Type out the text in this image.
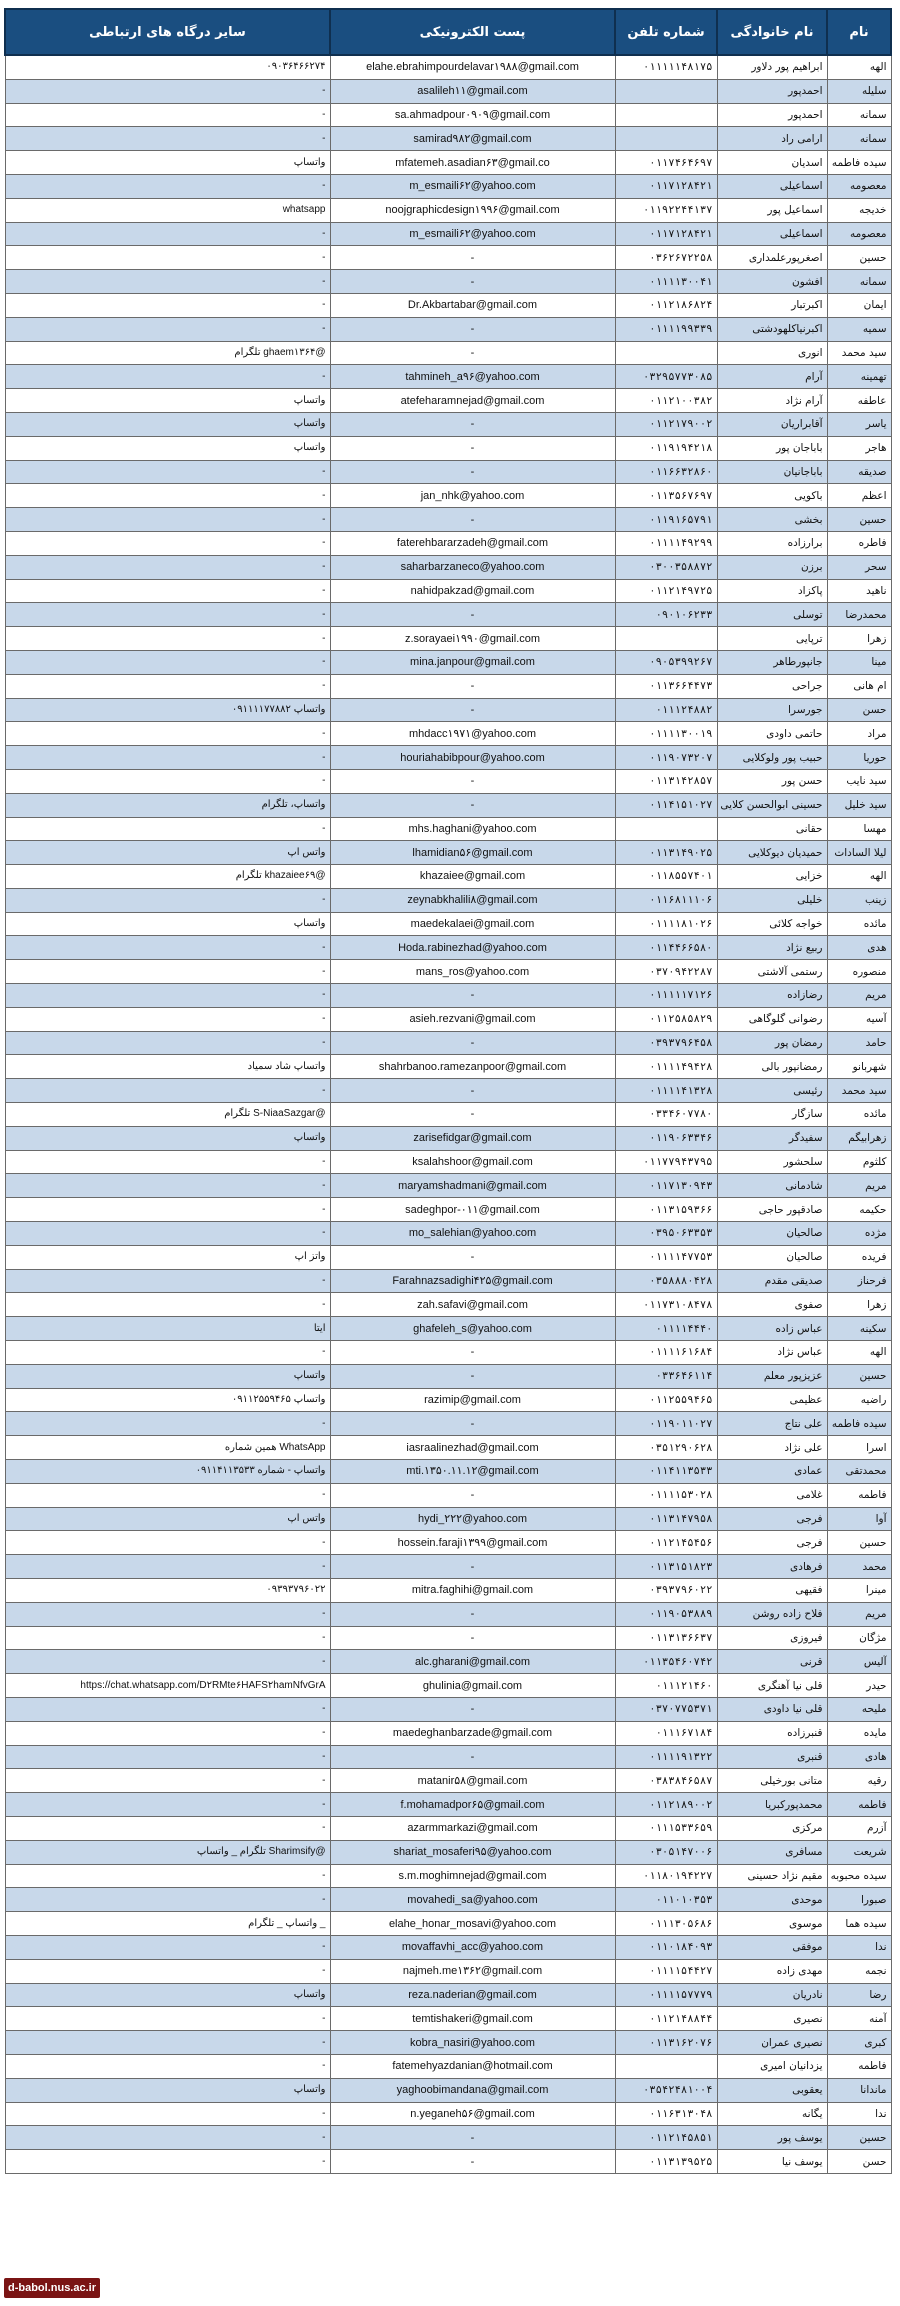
نام	نام خانوادگی	شماره تلفن	پست الکترونیکی	سایر درگاه های ارتباطی
الهه	ابراهیم پور دلاور	۰۱۱۱۱۱۴۸۱۷۵	elahe.ebrahimpourdelavar۱۹۸۸@gmail.com	۰۹۰۳۶۴۶۶۲۷۴
سلیله	احمدپور		asalileh۱۱@gmail.com	-
سمانه	احمدپور		sa.ahmadpour۰۹۰۹@gmail.com	-
سمانه	ارامی راد		samirad۹۸۲@gmail.com	-
سیده فاطمه	اسدیان	۰۱۱۷۴۶۴۶۹۷	mfatemeh.asadian۶۳@gmail.co	واتساپ
معصومه	اسماعیلی	۰۱۱۷۱۲۸۴۲۱	m_esmaili۶۲@yahoo.com	-
خدیجه	اسماعیل پور	۰۱۱۹۲۲۴۴۱۳۷	noojgraphicdesign۱۹۹۶@gmail.com	whatsapp
معصومه	اسماعیلی	۰۱۱۷۱۲۸۴۲۱	m_esmaili۶۲@yahoo.com	-
حسین	اصغرپورعلمداری	۰۳۶۲۶۷۲۲۵۸	-	-
سمانه	افشون	۰۱۱۱۱۳۰۰۴۱	-	-
ایمان	اکبرتبار	۰۱۱۲۱۸۶۸۲۴	Dr.Akbartabar@gmail.com	-
سمیه	اکبرنیاکلهودشتی	۰۱۱۱۱۹۹۳۳۹	-	-
سید محمد	انوری		-	تلگرام ghaem۱۳۶۴@
تهمینه	آرام	۰۳۲۹۵۷۷۳۰۸۵	tahmineh_a۹۶@yahoo.com	-
عاطفه	آرام نژاد	۰۱۱۲۱۰۰۳۸۲	atefeharamnejad@gmail.com	واتساپ
یاسر	آقابراریان	۰۱۱۲۱۷۹۰۰۲	-	واتساپ
هاجر	باباجان پور	۰۱۱۹۱۹۴۲۱۸	-	واتساپ
صدیقه	باباجانیان	۰۱۱۶۶۳۲۸۶۰	-	-
اعظم	باکویی	۰۱۱۳۵۶۷۶۹۷	jan_nhk@yahoo.com	-
حسین	بخشی	۰۱۱۹۱۶۵۷۹۱	-	-
فاطره	برارزاده	۰۱۱۱۱۴۹۲۹۹	faterehbararzadeh@gmail.com	-
سحر	برزن	۰۳۰۰۳۵۸۸۷۲	saharbarzaneco@yahoo.com	-
ناهید	پاکزاد	۰۱۱۲۱۴۹۷۲۵	nahidpakzad@gmail.com	-
محمدرضا	توسلی	۰۹۰۱۰۶۲۳۳	-	-
زهرا	ترپایی		z.sorayaei۱۹۹۰@gmail.com	-
مینا	جانپورطاهر	۰۹۰۵۳۹۹۲۶۷	mina.janpour@gmail.com	-
ام هانی	جراحی	۰۱۱۳۶۶۴۴۷۳	-	-
حسن	جورسرا	۰۱۱۱۲۴۸۸۲	-	واتساپ ۰۹۱۱۱۱۷۷۸۸۲
مراد	حاتمی داودی	۰۱۱۱۱۳۰۰۱۹	mhdacc۱۹۷۱@yahoo.com	-
حوریا	حبیب پور ولوکلایی	۰۱۱۹۰۷۳۲۰۷	houriahabibpour@yahoo.com	-
سید نایب	حسن پور	۰۱۱۳۱۴۲۸۵۷	-	-
سید خلیل	حسینی ابوالحسن کلایی	۰۱۱۴۱۵۱۰۲۷	-	واتساپ، تلگرام
مهسا	حقانی		mhs.haghani@yahoo.com	-
لیلا السادات	حمیدیان دیوکلایی	۰۱۱۳۱۴۹۰۲۵	lhamidian۵۶@gmail.com	واتس اپ
الهه	خزایی	۰۱۱۸۵۵۷۴۰۱	khazaiee@gmail.com	تلگرام khazaiee۶۹@
زینب	خلیلی	۰۱۱۶۸۱۱۱۰۶	zeynabkhalili۸@gmail.com	-
مائده	خواجه کلائی	۰۱۱۱۱۸۱۰۲۶	maedekalaei@gmail.com	واتساپ
هدی	ربیع نژاد	۰۱۱۴۴۶۶۵۸۰	Hoda.rabinezhad@yahoo.com	-
منصوره	رستمی آلاشتی	۰۳۷۰۹۴۲۲۸۷	mans_ros@yahoo.com	-
مریم	رضازاده	۰۱۱۱۱۱۷۱۲۶	-	-
آسیه	رضوانی گلوگاهی	۰۱۱۲۵۸۵۸۲۹	asieh.rezvani@gmail.com	-
حامد	رمضان پور	۰۳۹۳۷۹۶۴۵۸	-	-
شهربانو	رمضانپور بالی	۰۱۱۱۱۴۹۴۲۸	shahrbanoo.ramezanpoor@gmail.com	واتساپ شاد سمیاد
سید محمد	رئیسی	۰۱۱۱۱۴۱۳۲۸	-	-
مائده	سازگار	۰۳۳۴۶۰۷۷۸۰	-	تلگرام S-NiaaSazgar@
زهرابیگم	سفیدگر	۰۱۱۹۰۶۳۳۴۶	zarisefidgar@gmail.com	واتساپ
کلثوم	سلحشور	۰۱۱۷۷۹۴۳۷۹۵	ksalahshoor@gmail.com	-
مریم	شادمانی	۰۱۱۷۱۳۰۹۴۳	maryamshadmani@gmail.com	-
حکیمه	صادقپور حاجی	۰۱۱۳۱۵۹۳۶۶	sadeghpor-۰۱۱@gmail.com	-
مژده	صالحیان	۰۳۹۵۰۶۳۳۵۳	mo_salehian@yahoo.com	-
فریده	صالحیان	۰۱۱۱۱۴۷۷۵۳	-	واتز اپ
فرحناز	صدیقی مقدم	۰۳۵۸۸۸۰۴۲۸	Farahnazsadighi۴۲۵@gmail.com	-
زهرا	صفوی	۰۱۱۷۳۱۰۸۴۷۸	zah.safavi@gmail.com	-
سکینه	عباس زاده	۰۱۱۱۱۴۴۴۰	ghafeleh_s@yahoo.com	ایتا
الهه	عباس نژاد	۰۱۱۱۱۶۱۶۸۴	-	-
حسین	عزیزپور معلم	۰۳۳۶۴۶۱۱۴	-	واتساپ
راضیه	عظیمی	۰۱۱۲۵۵۹۴۶۵	razimip@gmail.com	واتساپ ۰۹۱۱۲۵۵۹۴۶۵
سیده فاطمه	علی نتاج	۰۱۱۹۰۱۱۰۲۷	-	-
اسرا	علی نژاد	۰۳۵۱۲۹۰۶۲۸	iasraalinezhad@gmail.com	همین شماره WhatsApp
محمدتقی	عمادی	۰۱۱۴۱۱۳۵۳۳	mti.۱۳۵۰.۱۱.۱۲@gmail.com	واتساپ - شماره ۰۹۱۱۴۱۱۳۵۳۳
فاطمه	غلامی	۰۱۱۱۱۵۳۰۲۸	-	-
آوا	فرجی	۰۱۱۳۱۴۷۹۵۸	hydi_۲۲۲@yahoo.com	واتس اپ
حسین	فرجی	۰۱۱۲۱۴۵۴۵۶	hossein.faraji۱۳۹۹@gmail.com	-
محمد	فرهادی	۰۱۱۳۱۵۱۸۲۳	-	-
مینرا	فقیهی	۰۳۹۳۷۹۶۰۲۲	mitra.faghihi@gmail.com	۰۹۳۹۳۷۹۶۰۲۲
مریم	فلاح زاده روشن	۰۱۱۹۰۵۳۸۸۹	-	-
مژگان	فیروزی	۰۱۱۳۱۳۶۶۳۷	-	-
آلیس	قرنی	۰۱۱۳۵۴۶۰۷۴۲	alc.gharani@gmail.com	-
حیدر	قلی نیا آهنگری	۰۱۱۱۲۱۴۶۰	ghulinia@gmail.com	https://chat.whatsapp.com/D۲RMte۶HAFS۲hamNfvGrA
ملیحه	قلی نیا داودی	۰۳۷۰۷۷۵۳۷۱	-	-
مایده	قنبرزاده	۰۱۱۱۶۷۱۸۴	maedeghanbarzade@gmail.com	-
هادی	قنبری	۰۱۱۱۱۹۱۳۲۲	-	-
رقیه	متانی بورخیلی	۰۳۸۳۸۴۶۵۸۷	matanir۵۸@gmail.com	-
فاطمه	محمدپورکبریا	۰۱۱۲۱۸۹۰۰۲	f.mohamadpor۶۵@gmail.com	-
آزرم	مرکزی	۰۱۱۱۵۳۳۶۵۹	azarmmarkazi@gmail.com	-
شریعت	مسافری	۰۳۰۵۱۴۷۰۰۶	shariat_mosaferi۹۵@yahoo.com	تلگرام _ واتساپ Sharimsify@
سیده محبوبه	مقیم نژاد حسینی	۰۱۱۸۰۱۹۴۲۲۷	s.m.moghimnejad@gmail.com	-
صبورا	موحدی	۰۱۱۰۱۰۳۵۳	movahedi_sa@yahoo.com	-
سیده هما	موسوی	۰۱۱۱۳۰۵۶۸۶	elahe_honar_mosavi@yahoo.com	واتساپ _ تلگرام _
ندا	موفقی	۰۱۱۰۱۸۴۰۹۳	movaffavhi_acc@yahoo.com	-
نجمه	مهدی زاده	۰۱۱۱۱۵۴۴۲۷	najmeh.me۱۳۶۲@gmail.com	-
رضا	نادریان	۰۱۱۱۱۵۷۷۷۹	reza.naderian@gmail.com	واتساپ
آمنه	نصیری	۰۱۱۲۱۴۸۸۴۴	temtishakeri@gmail.com	-
کبری	نصیری عمران	۰۱۱۳۱۶۲۰۷۶	kobra_nasiri@yahoo.com	-
فاطمه	یزدانیان امیری		fatemehyazdanian@hotmail.com	-
ماندانا	یعقوبی	۰۳۵۴۲۴۸۱۰۰۴	yaghoobimandana@gmail.com	واتساپ
ندا	یگانه	۰۱۱۶۳۱۳۰۴۸	n.yeganeh۵۶@gmail.com	-
حسین	یوسف پور	۰۱۱۲۱۴۵۸۵۱	-	-
حسن	یوسف نیا	۰۱۱۳۱۳۹۵۲۵	-	-
d-babol.nus.ac.ir
